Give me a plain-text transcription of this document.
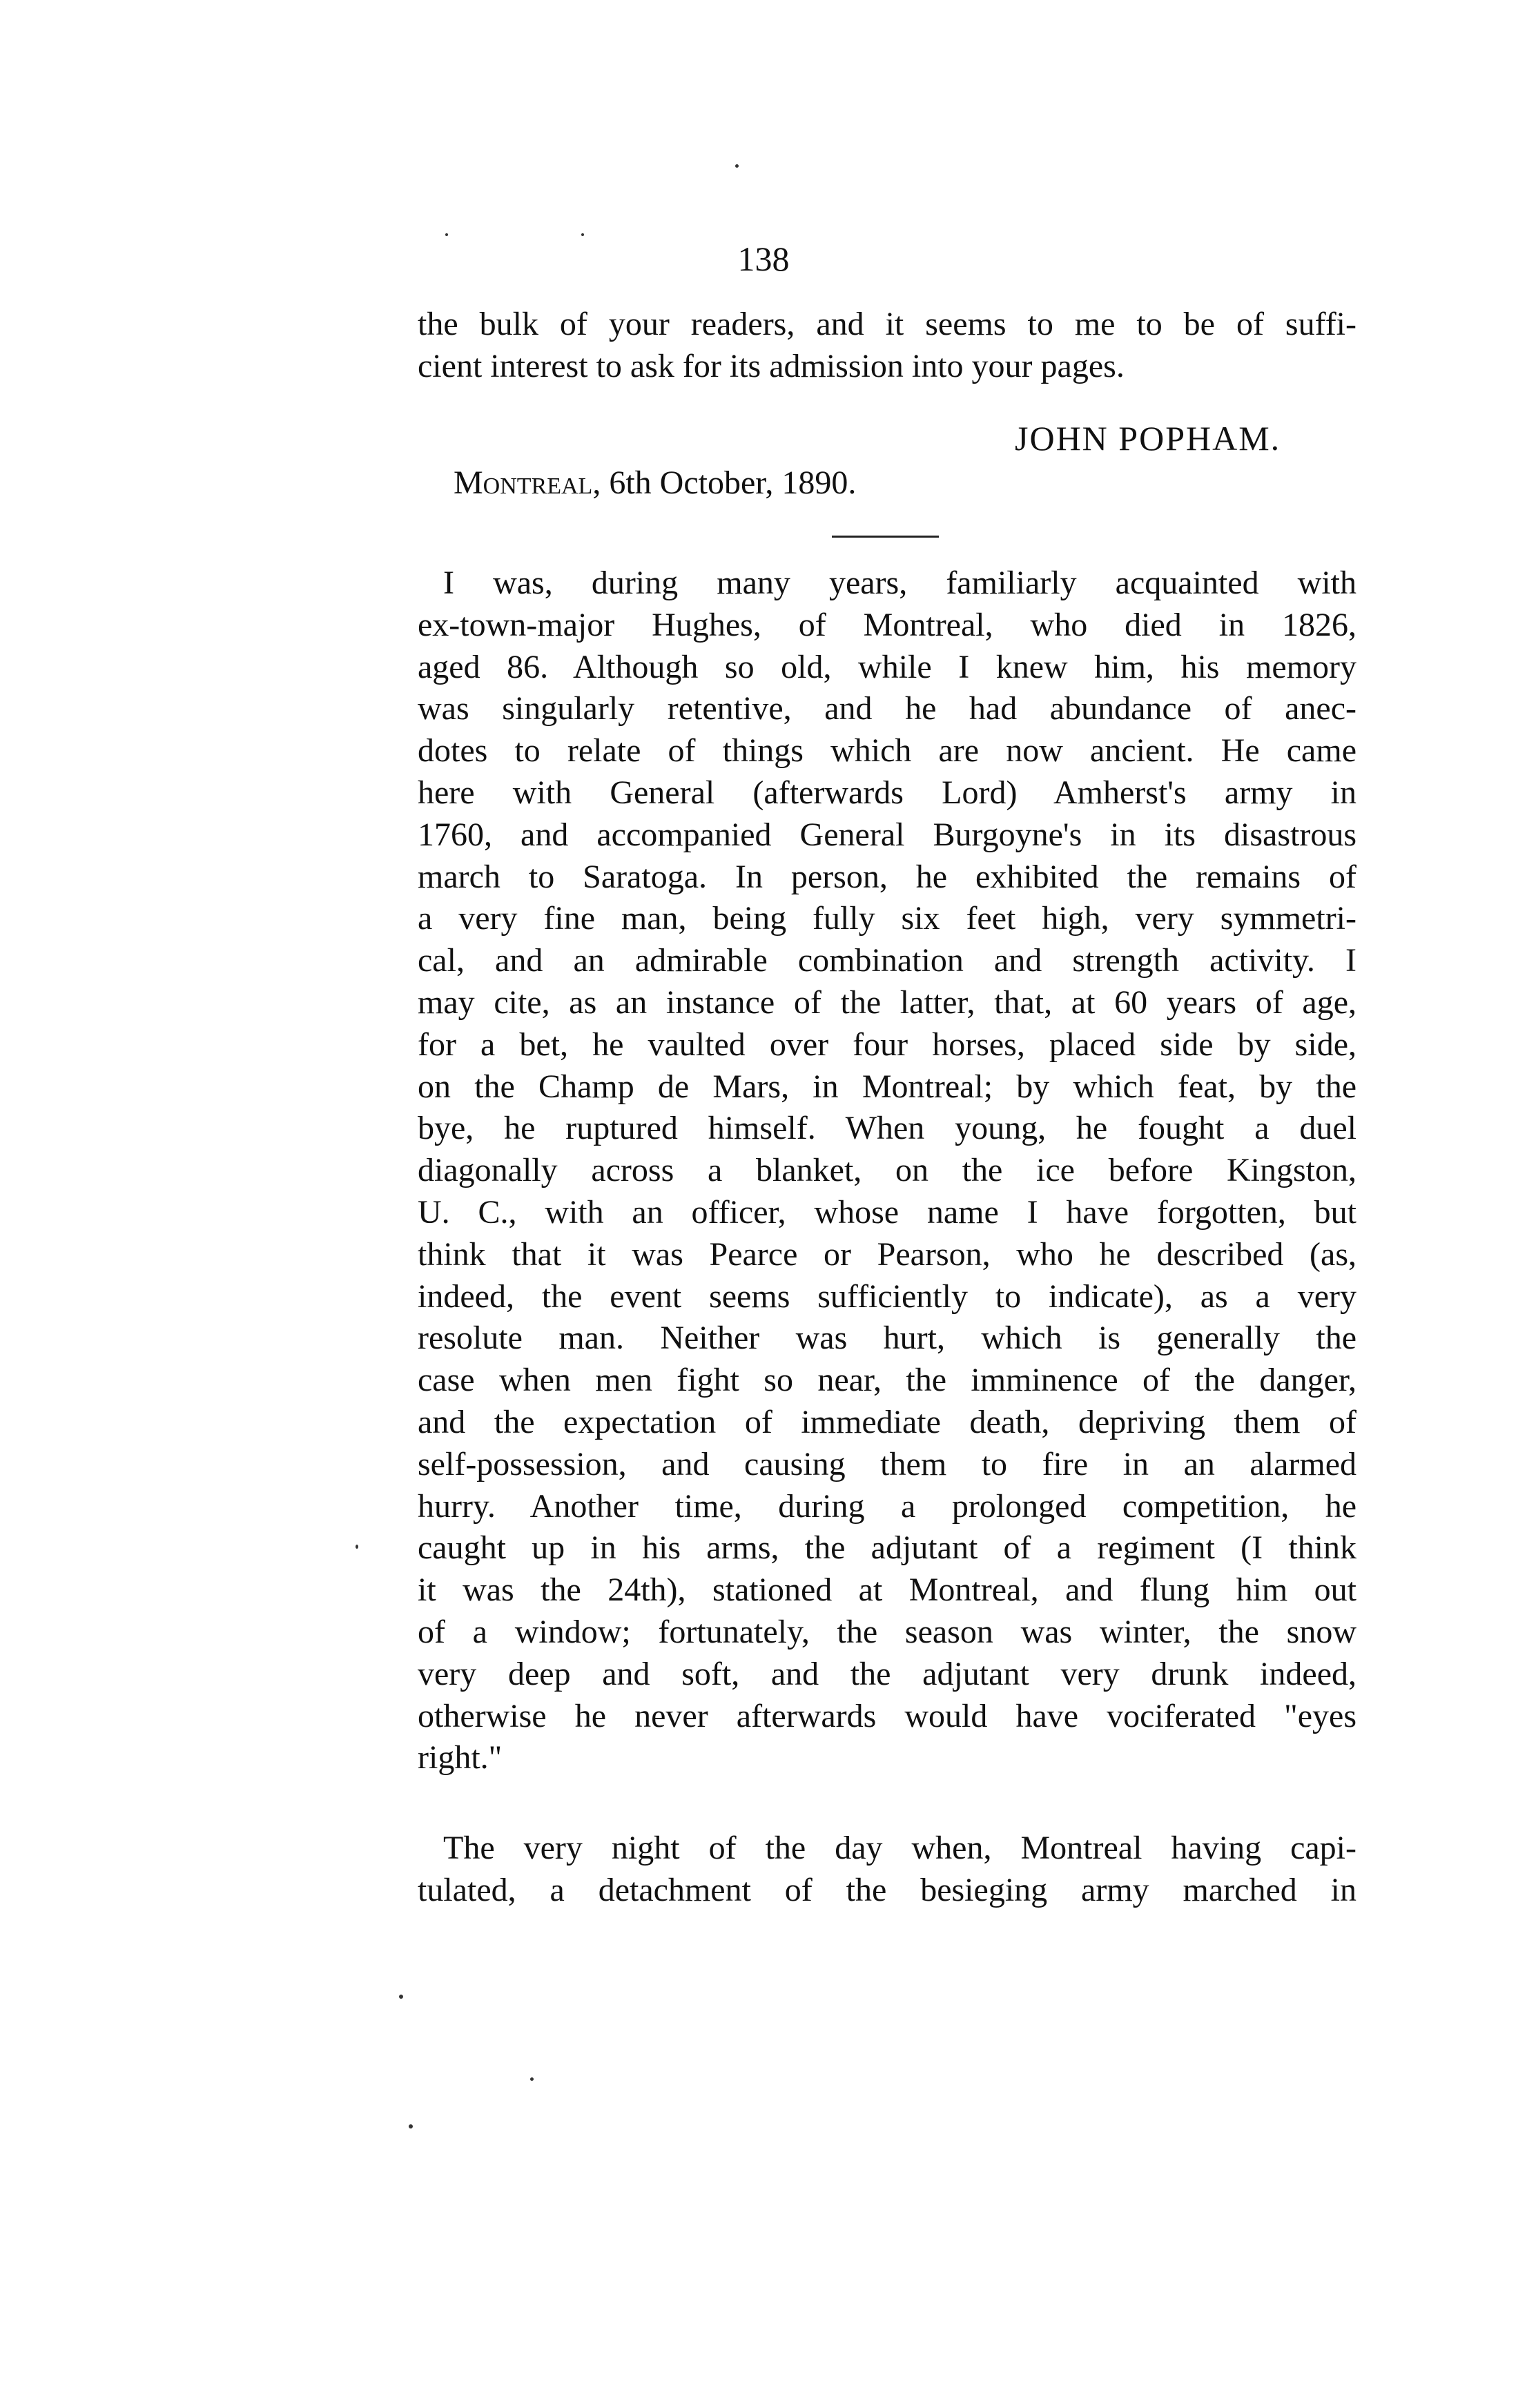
138
the bulk of your readers, and it seems to me to be of suffi-
cient interest to ask for its admission into your pages.
JOHN POPHAM.
Montreal, 6th October, 1890.
I was, during many years, familiarly acquainted with
ex-town-major Hughes, of Montreal, who died in 1826,
aged 86. Although so old, while I knew him, his memory
was singularly retentive, and he had abundance of anec-
dotes to relate of things which are now ancient. He came
here with General (afterwards Lord) Amherst's army in
1760, and accompanied General Burgoyne's in its disastrous
march to Saratoga. In person, he exhibited the remains of
a very fine man, being fully six feet high, very symmetri-
cal, and an admirable combination and strength activity. I
may cite, as an instance of the latter, that, at 60 years of age,
for a bet, he vaulted over four horses, placed side by side,
on the Champ de Mars, in Montreal; by which feat, by the
bye, he ruptured himself. When young, he fought a duel
diagonally across a blanket, on the ice before Kingston,
U. C., with an officer, whose name I have forgotten, but
think that it was Pearce or Pearson, who he described (as,
indeed, the event seems sufficiently to indicate), as a very
resolute man. Neither was hurt, which is generally the
case when men fight so near, the imminence of the danger,
and the expectation of immediate death, depriving them of
self-possession, and causing them to fire in an alarmed
hurry. Another time, during a prolonged competition, he
caught up in his arms, the adjutant of a regiment (I think
it was the 24th), stationed at Montreal, and flung him out
of a window; fortunately, the season was winter, the snow
very deep and soft, and the adjutant very drunk indeed,
otherwise he never afterwards would have vociferated "eyes
right."
The very night of the day when, Montreal having capi-
tulated, a detachment of the besieging army marched in
